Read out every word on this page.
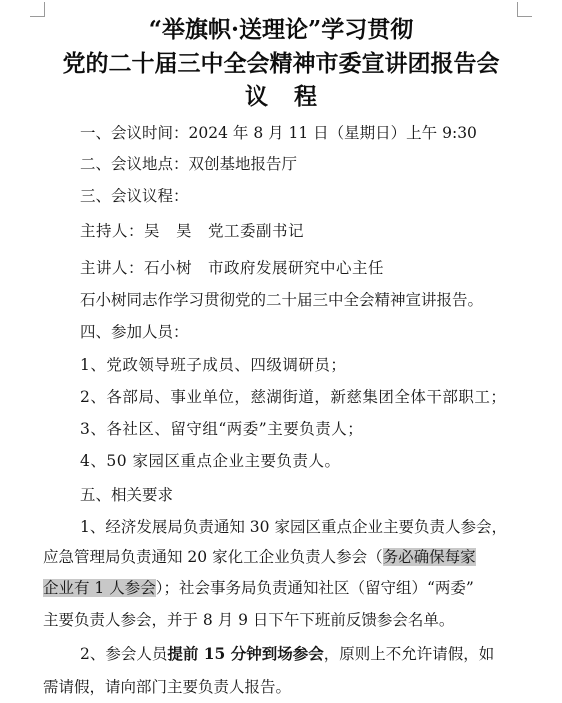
“举旗帜·送理论”学习贯彻
党的二十届三中全会精神市委宣讲团报告会
议程
一、会议时间：2024 年 8 月 11 日（星期日）上午 9:30
二、会议地点：双创基地报告厅
三、会议议程：
主持人：吴　昊　党工委副书记
主讲人：石小树　市政府发展研究中心主任
石小树同志作学习贯彻党的二十届三中全会精神宣讲报告。
四、参加人员：
1、党政领导班子成员、四级调研员；
2、各部局、事业单位，慈湖街道，新慈集团全体干部职工；
3、各社区、留守组“两委”主要负责人；
4、50 家园区重点企业主要负责人。
五、相关要求
1、经济发展局负责通知 30 家园区重点企业主要负责人参会，
应急管理局负责通知 20 家化工企业负责人参会（务必确保每家
企业有 1 人参会）；社会事务局负责通知社区（留守组）“两委”
主要负责人参会，并于 8 月 9 日下午下班前反馈参会名单。
2、参会人员提前 15 分钟到场参会，原则上不允许请假，如
需请假，请向部门主要负责人报告。
